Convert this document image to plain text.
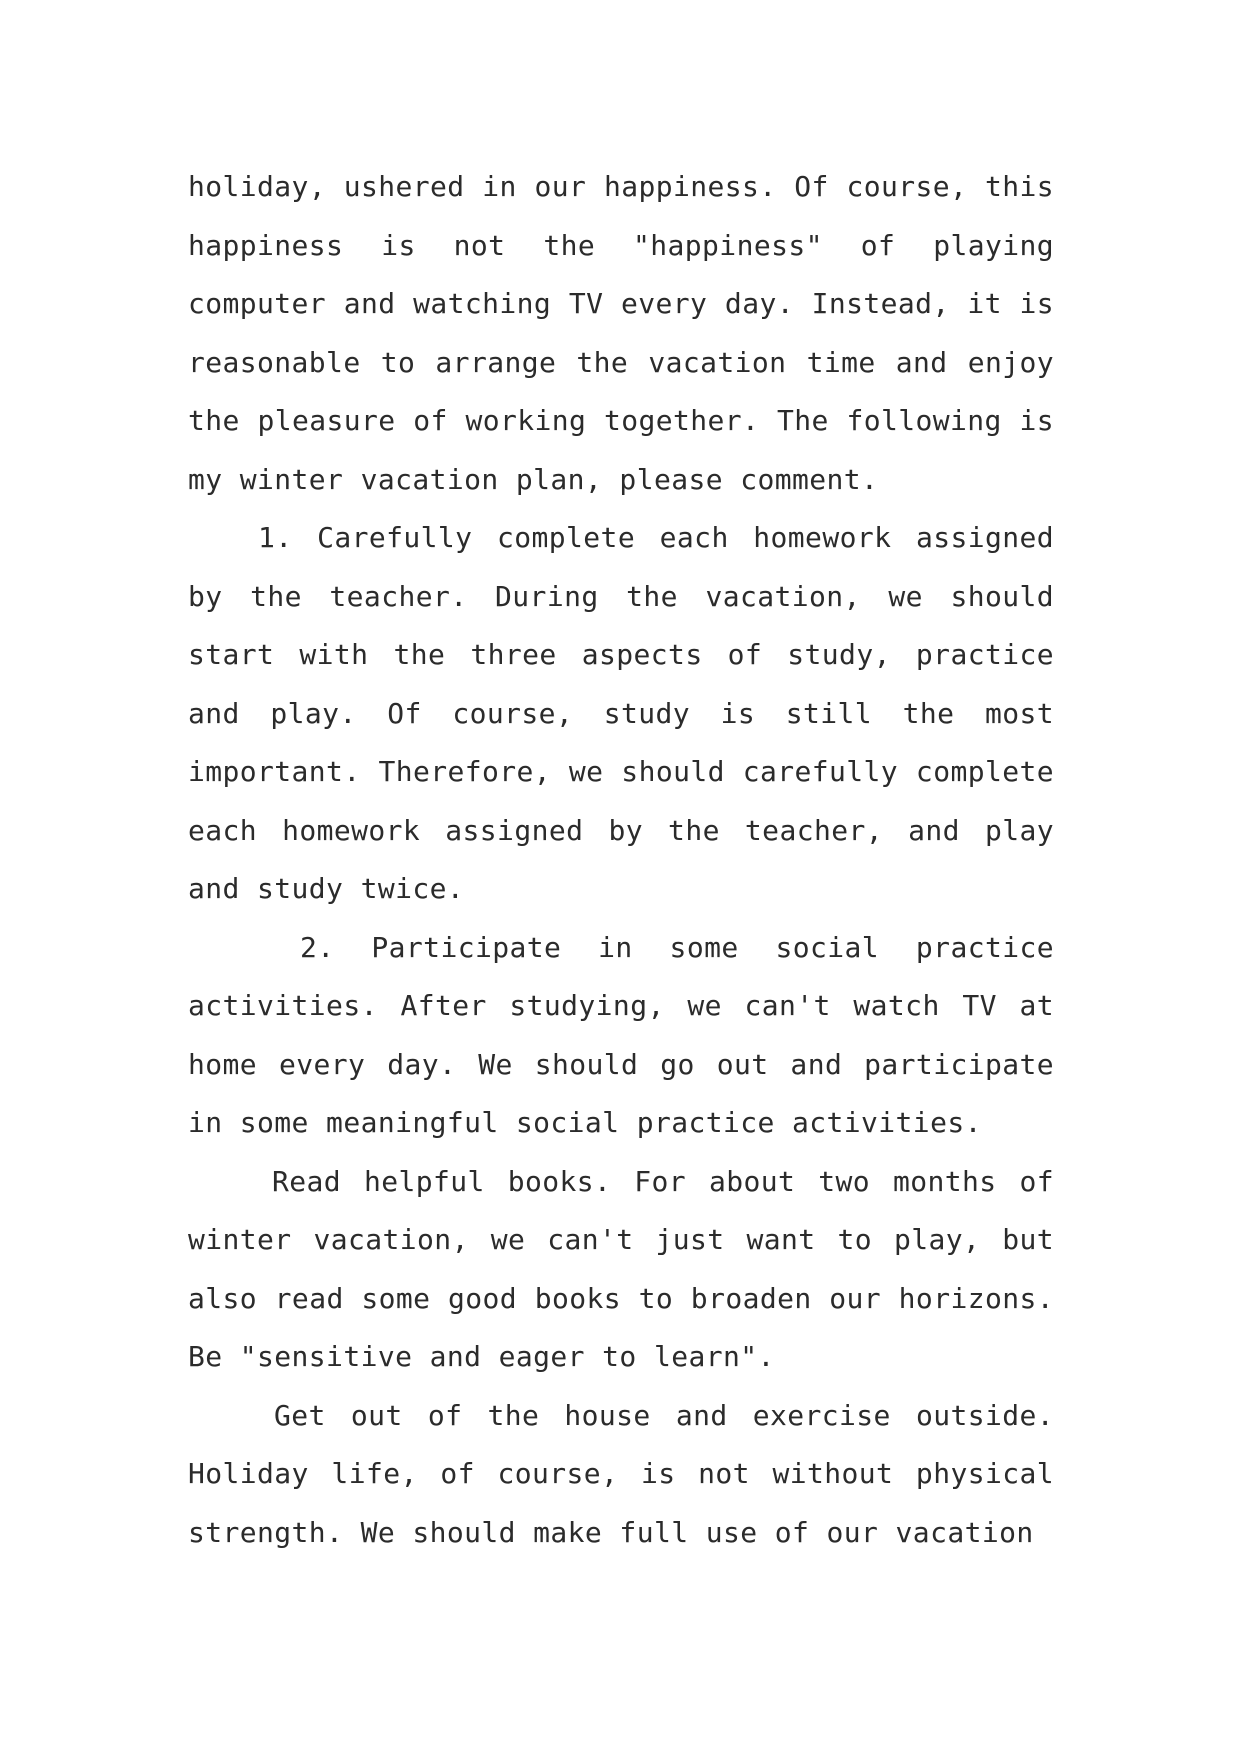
holiday, ushered in our happiness. Of course, this happiness is not the "happiness" of playing computer and watching TV every day. Instead, it is reasonable to arrange the vacation time and enjoy the pleasure of working together. The following is my winter vacation plan, please comment.

1. Carefully complete each homework assigned by the teacher. During the vacation, we should start with the three aspects of study, practice and play. Of course, study is still the most important. Therefore, we should carefully complete each homework assigned by the teacher, and play and study twice.

2. Participate in some social practice activities. After studying, we can't watch TV at home every day. We should go out and participate in some meaningful social practice activities.

Read helpful books. For about two months of winter vacation, we can't just want to play, but also read some good books to broaden our horizons. Be "sensitive and eager to learn".

Get out of the house and exercise outside. Holiday life, of course, is not without physical strength. We should make full use of our vacation
